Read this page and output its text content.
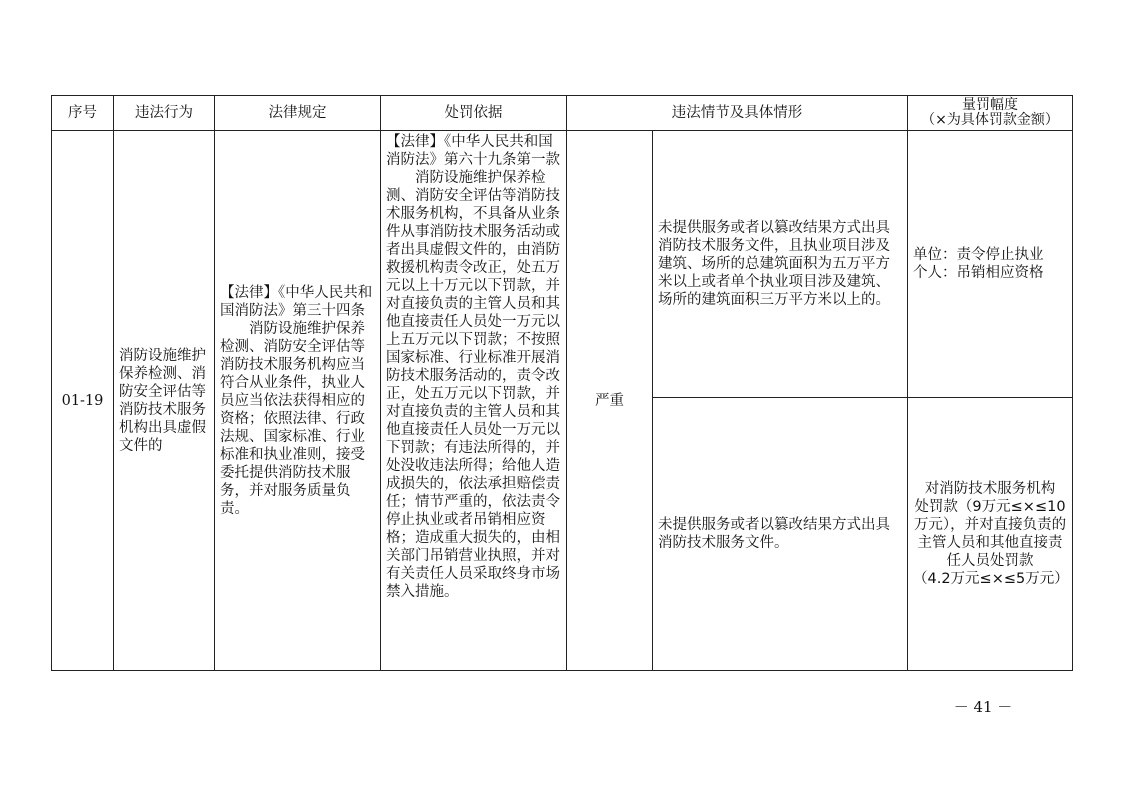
序号	违法行为	法律规定	处罚依据	违法情节及具体情形		量罚幅度
（×为具体罚款金额）

01-19	消防设施维护保养检测、消防安全评估等消防技术服务机构出具虚假文件的	【法律】《中华人民共和国消防法》第三十四条
消防设施维护保养检测、消防安全评估等消防技术服务机构应当符合从业条件，执业人员应当依法获得相应的资格；依照法律、行政法规、国家标准、行业标准和执业准则，接受委托提供消防技术服务，并对服务质量负责。	【法律】《中华人民共和国消防法》第六十九条第一款
消防设施维护保养检测、消防安全评估等消防技术服务机构，不具备从业条件从事消防技术服务活动或者出具虚假文件的，由消防救援机构责令改正，处五万元以上十万元以下罚款，并对直接负责的主管人员和其他直接责任人员处一万元以上五万元以下罚款；不按照国家标准、行业标准开展消防技术服务活动的，责令改正，处五万元以下罚款，并对直接负责的主管人员和其他直接责任人员处一万元以下罚款；有违法所得的，并处没收违法所得；给他人造成损失的，依法承担赔偿责任；情节严重的，依法责令停止执业或者吊销相应资格；造成重大损失的，由相关部门吊销营业执照，并对有关责任人员采取终身市场禁入措施。	严重	未提供服务或者以篡改结果方式出具消防技术服务文件，且执业项目涉及建筑、场所的总建筑面积为五万平方米以上或者单个执业项目涉及建筑、场所的建筑面积三万平方米以上的。	单位：责令停止执业
个人：吊销相应资格

					未提供服务或者以篡改结果方式出具消防技术服务文件。	对消防技术服务机构
处罚款（9万元≤×≤10万元），并对直接负责的主管人员和其他直接责任人员处罚款
（4.2万元≤×≤5万元）
－ 41 －
